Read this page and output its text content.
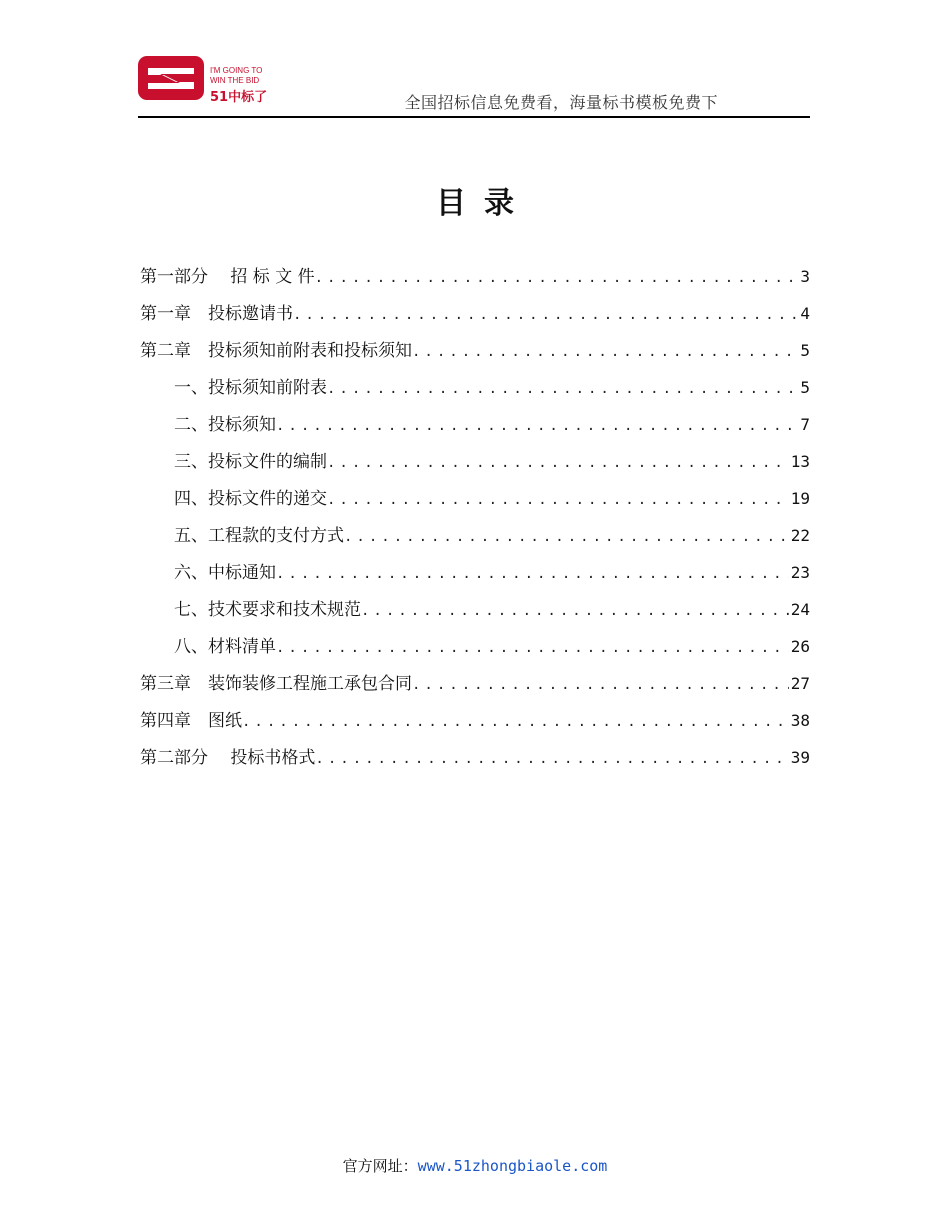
I'M GOING TO
WIN THE BID
51中标了	全国招标信息免费看，海量标书模板免费下
目录
第一部分　 招 标 文 件 .....	3
第一章　投标邀请书 .....	4
第二章　投标须知前附表和投标须知 .....	5
一、投标须知前附表 .....	5
二、投标须知 .....	7
三、投标文件的编制 .....	13
四、投标文件的递交 .....	19
五、工程款的支付方式 .....	22
六、中标通知 .....	23
七、技术要求和技术规范 .....	24
八、材料清单 .....	26
第三章　装饰装修工程施工承包合同 .....	27
第四章　图纸 .....	38
第二部分　 投标书格式 .....	39
官方网址：www.51zhongbiaole.com
